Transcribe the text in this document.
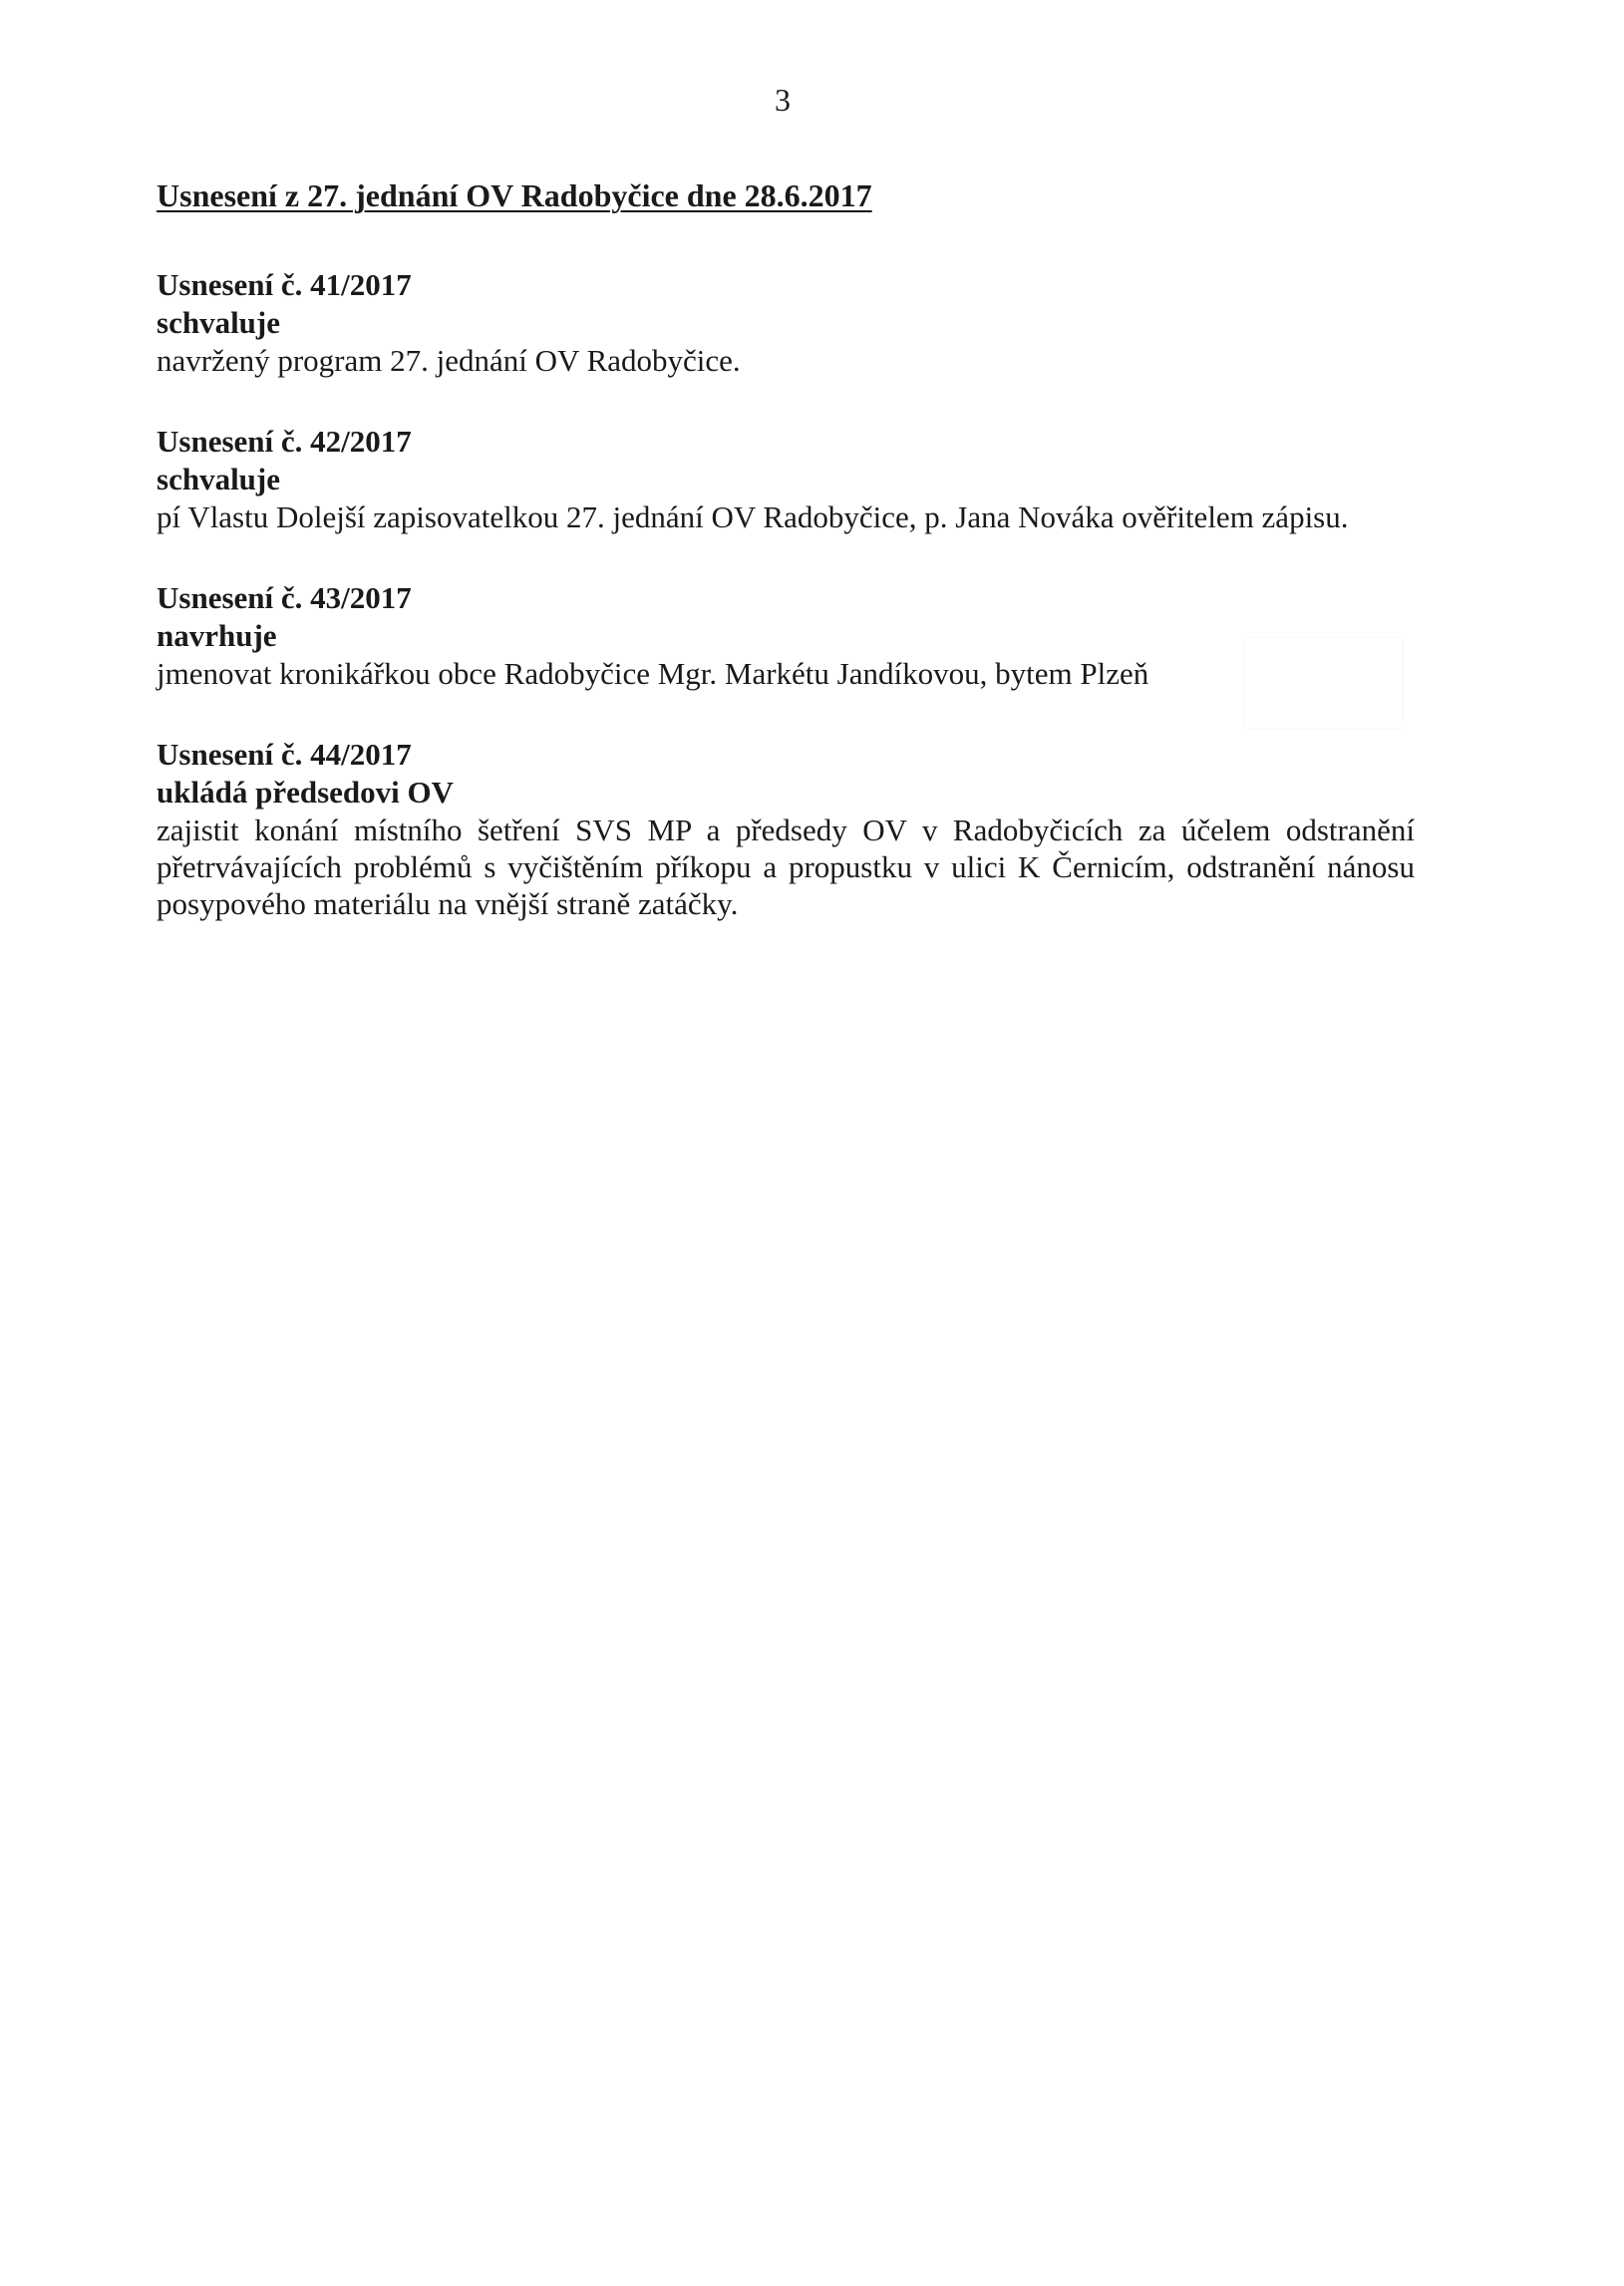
3
Usnesení z 27. jednání OV Radobyčice dne 28.6.2017
Usnesení č. 41/2017
schvaluje
navržený program 27. jednání OV Radobyčice.
Usnesení č. 42/2017
schvaluje
pí Vlastu Dolejší zapisovatelkou 27. jednání OV Radobyčice, p. Jana Nováka ověřitelem zápisu.
Usnesení č. 43/2017
navrhuje
jmenovat kronikářkou obce Radobyčice Mgr. Markétu Jandíkovou, bytem Plzeň
Usnesení č. 44/2017
ukládá předsedovi OV
zajistit konání místního šetření SVS MP a předsedy OV v Radobyčicích za účelem odstranění přetrvávajících problémů s vyčištěním příkopu a propustku v ulici K Černicím, odstranění nánosu posypového materiálu na vnější straně zatáčky.
